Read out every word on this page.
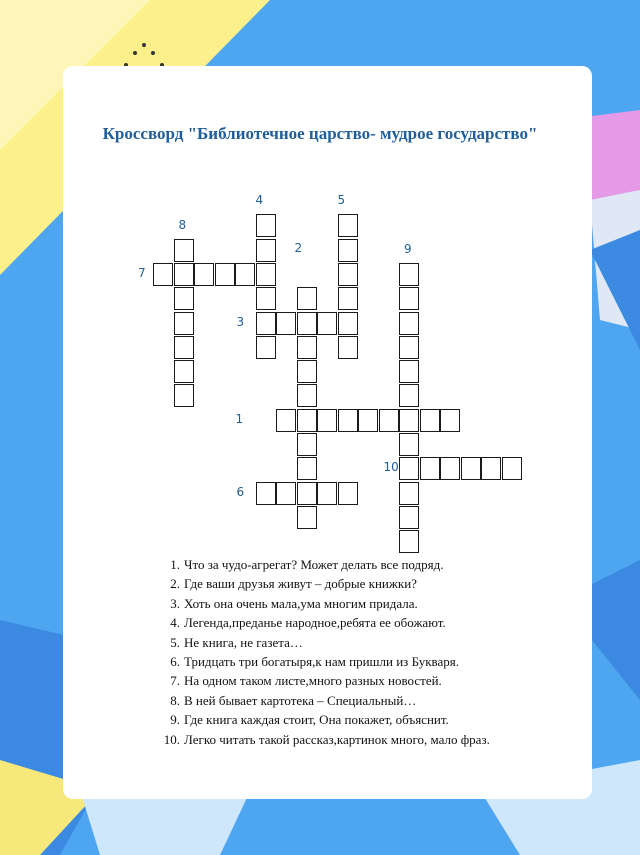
Кроссворд "Библиотечное царство- мудрое государство"
1
2
3
4	5
6
7
8
9
10
1. Что за чудо-агрегат? Может делать все подряд.
2. Где ваши друзья живут – добрые книжки?
3. Хоть она очень мала,ума многим придала.
4. Легенда,преданье народное,ребята ее обожают.
5. Не книга, не газета…
6. Тридцать три богатыря,к нам пришли из Букваря.
7. На одном таком листе,много разных новостей.
8. В ней бывает картотека – Специальный…
9. Где книга каждая стоит, Она покажет, объяснит.
10. Легко читать такой рассказ,картинок много, мало фраз.
